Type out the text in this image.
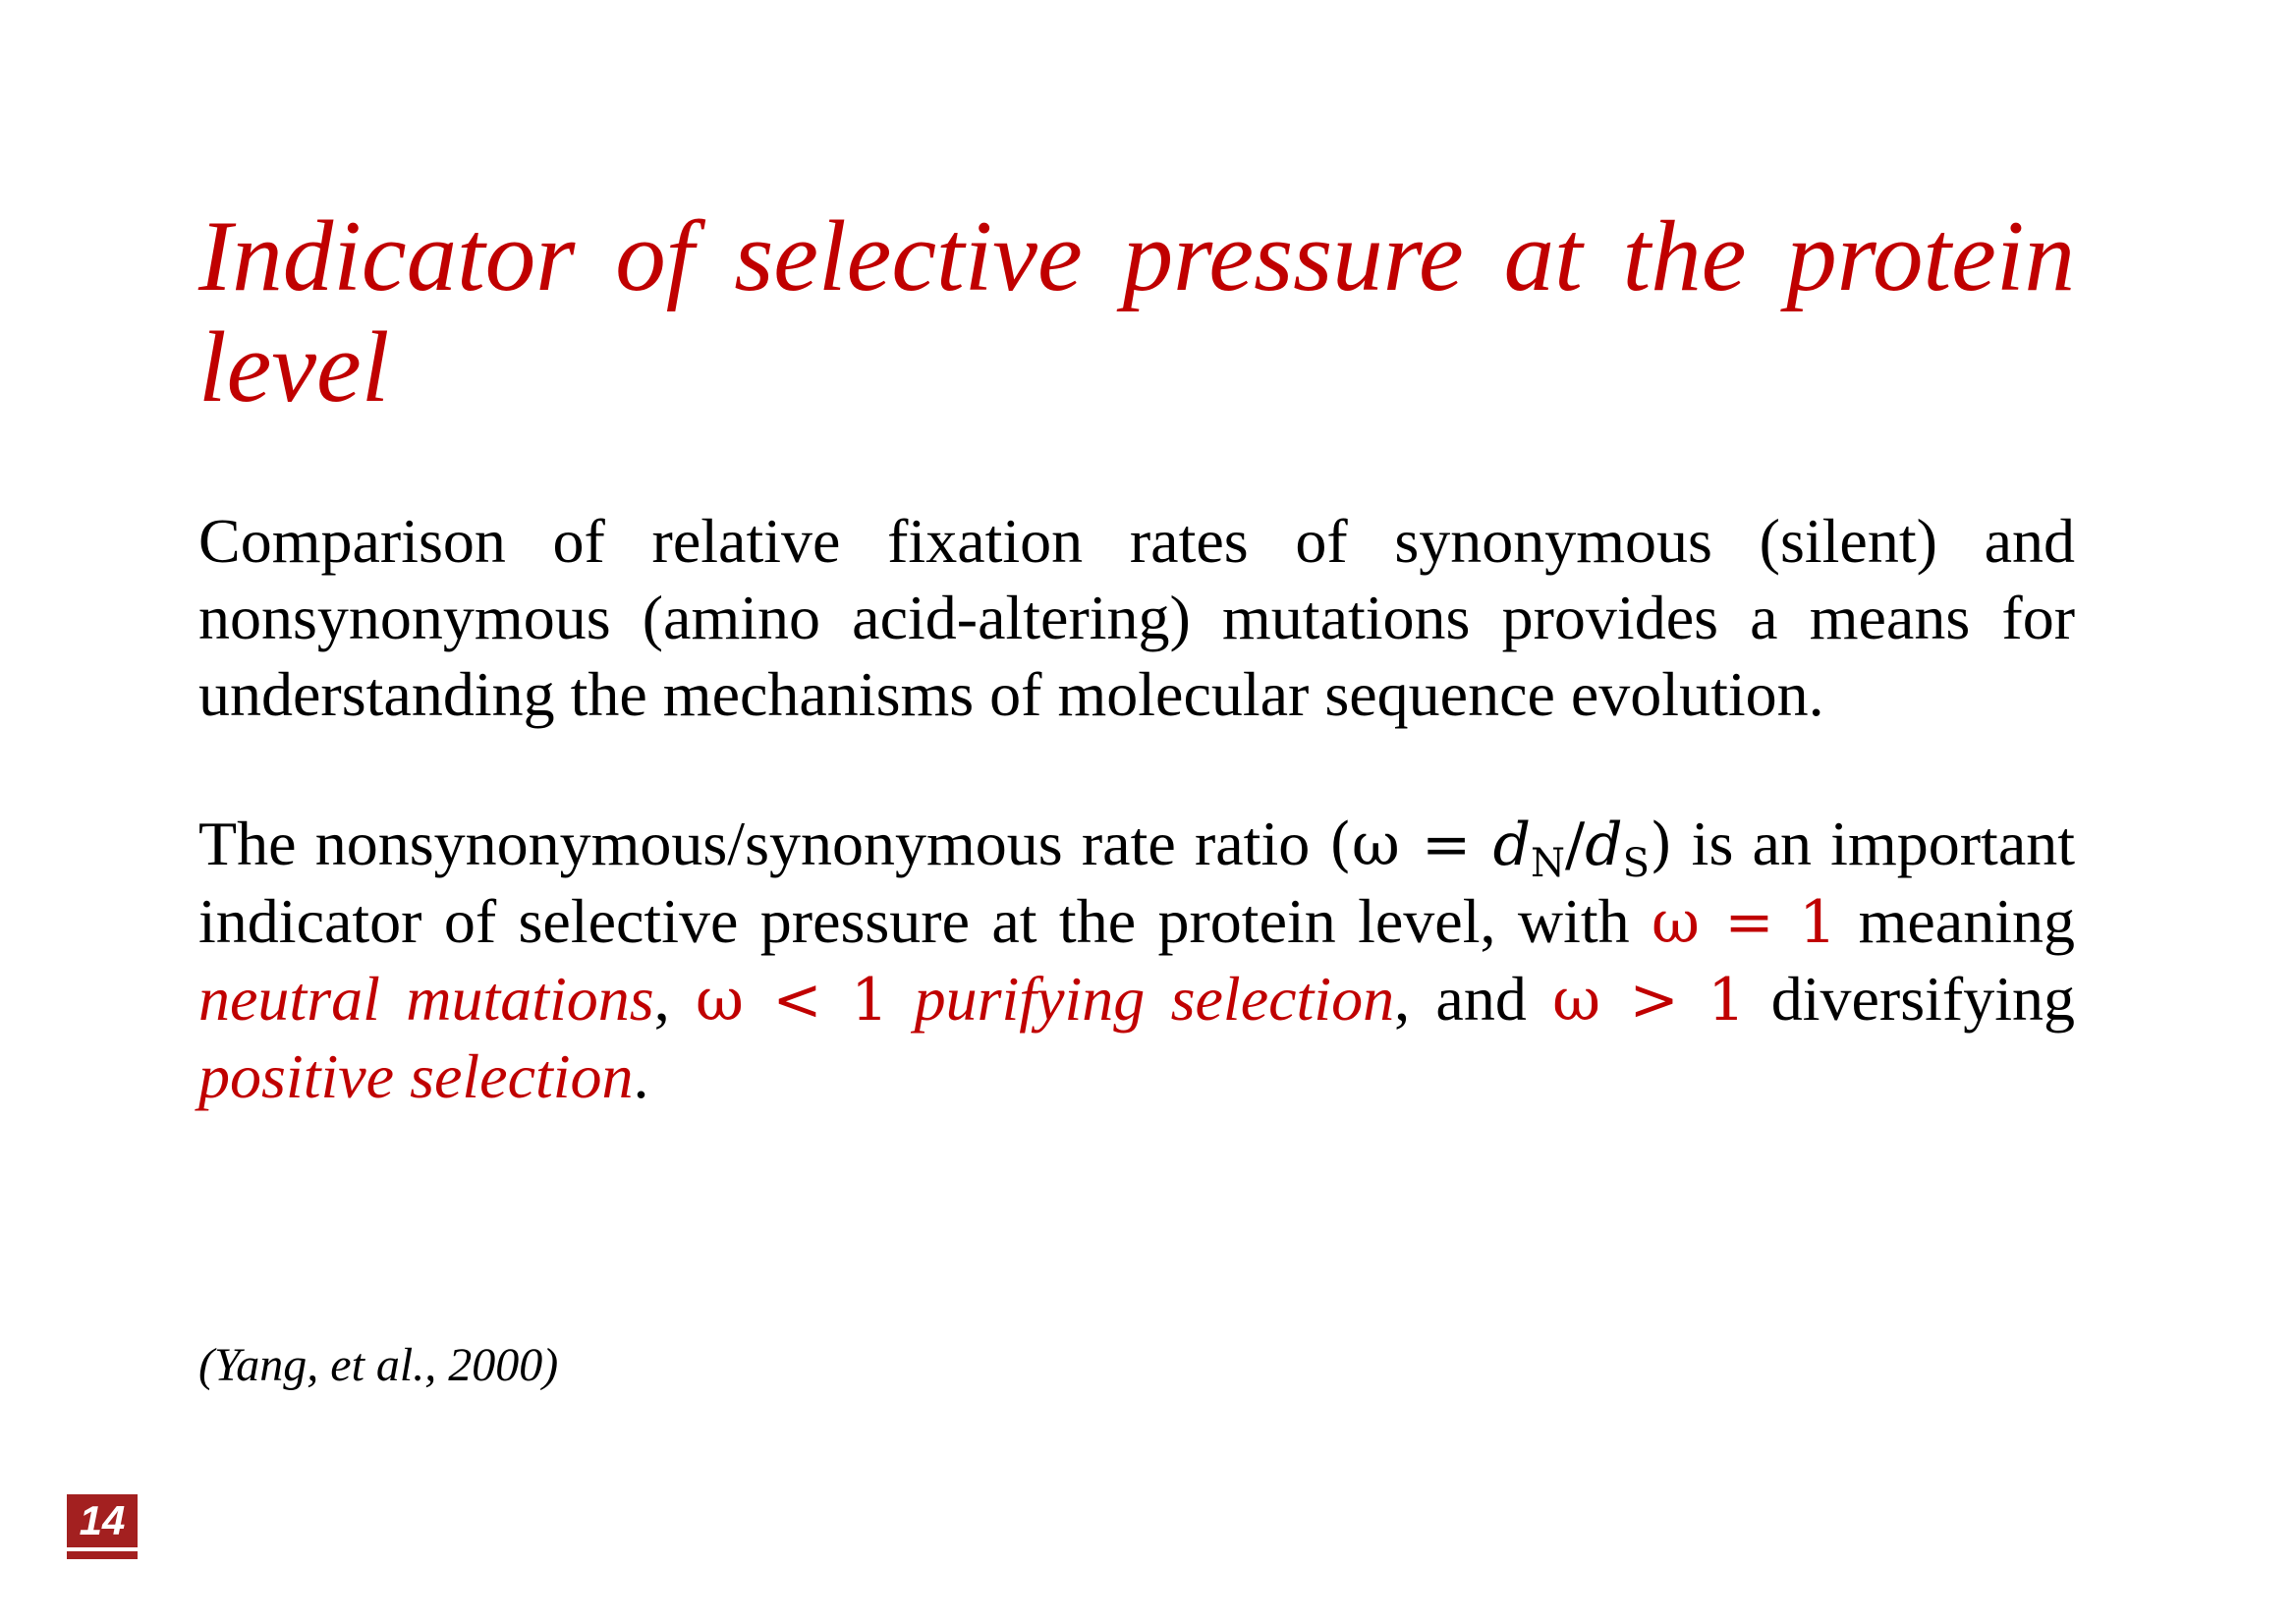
Indicator of selective pressure at the protein level

Comparison of relative fixation rates of synonymous (silent) and nonsynonymous (amino acid-altering) mutations provides a means for understanding the mechanisms of molecular sequence evolution.

The nonsynonymous/synonymous rate ratio $(\omega = d_N/d_S)$ is an important indicator of selective pressure at the protein level, with ω = 1 meaning neutral mutations, ω < 1 purifying selection, and ω > 1 diversifying positive selection.

(Yang, et al., 2000)

14
